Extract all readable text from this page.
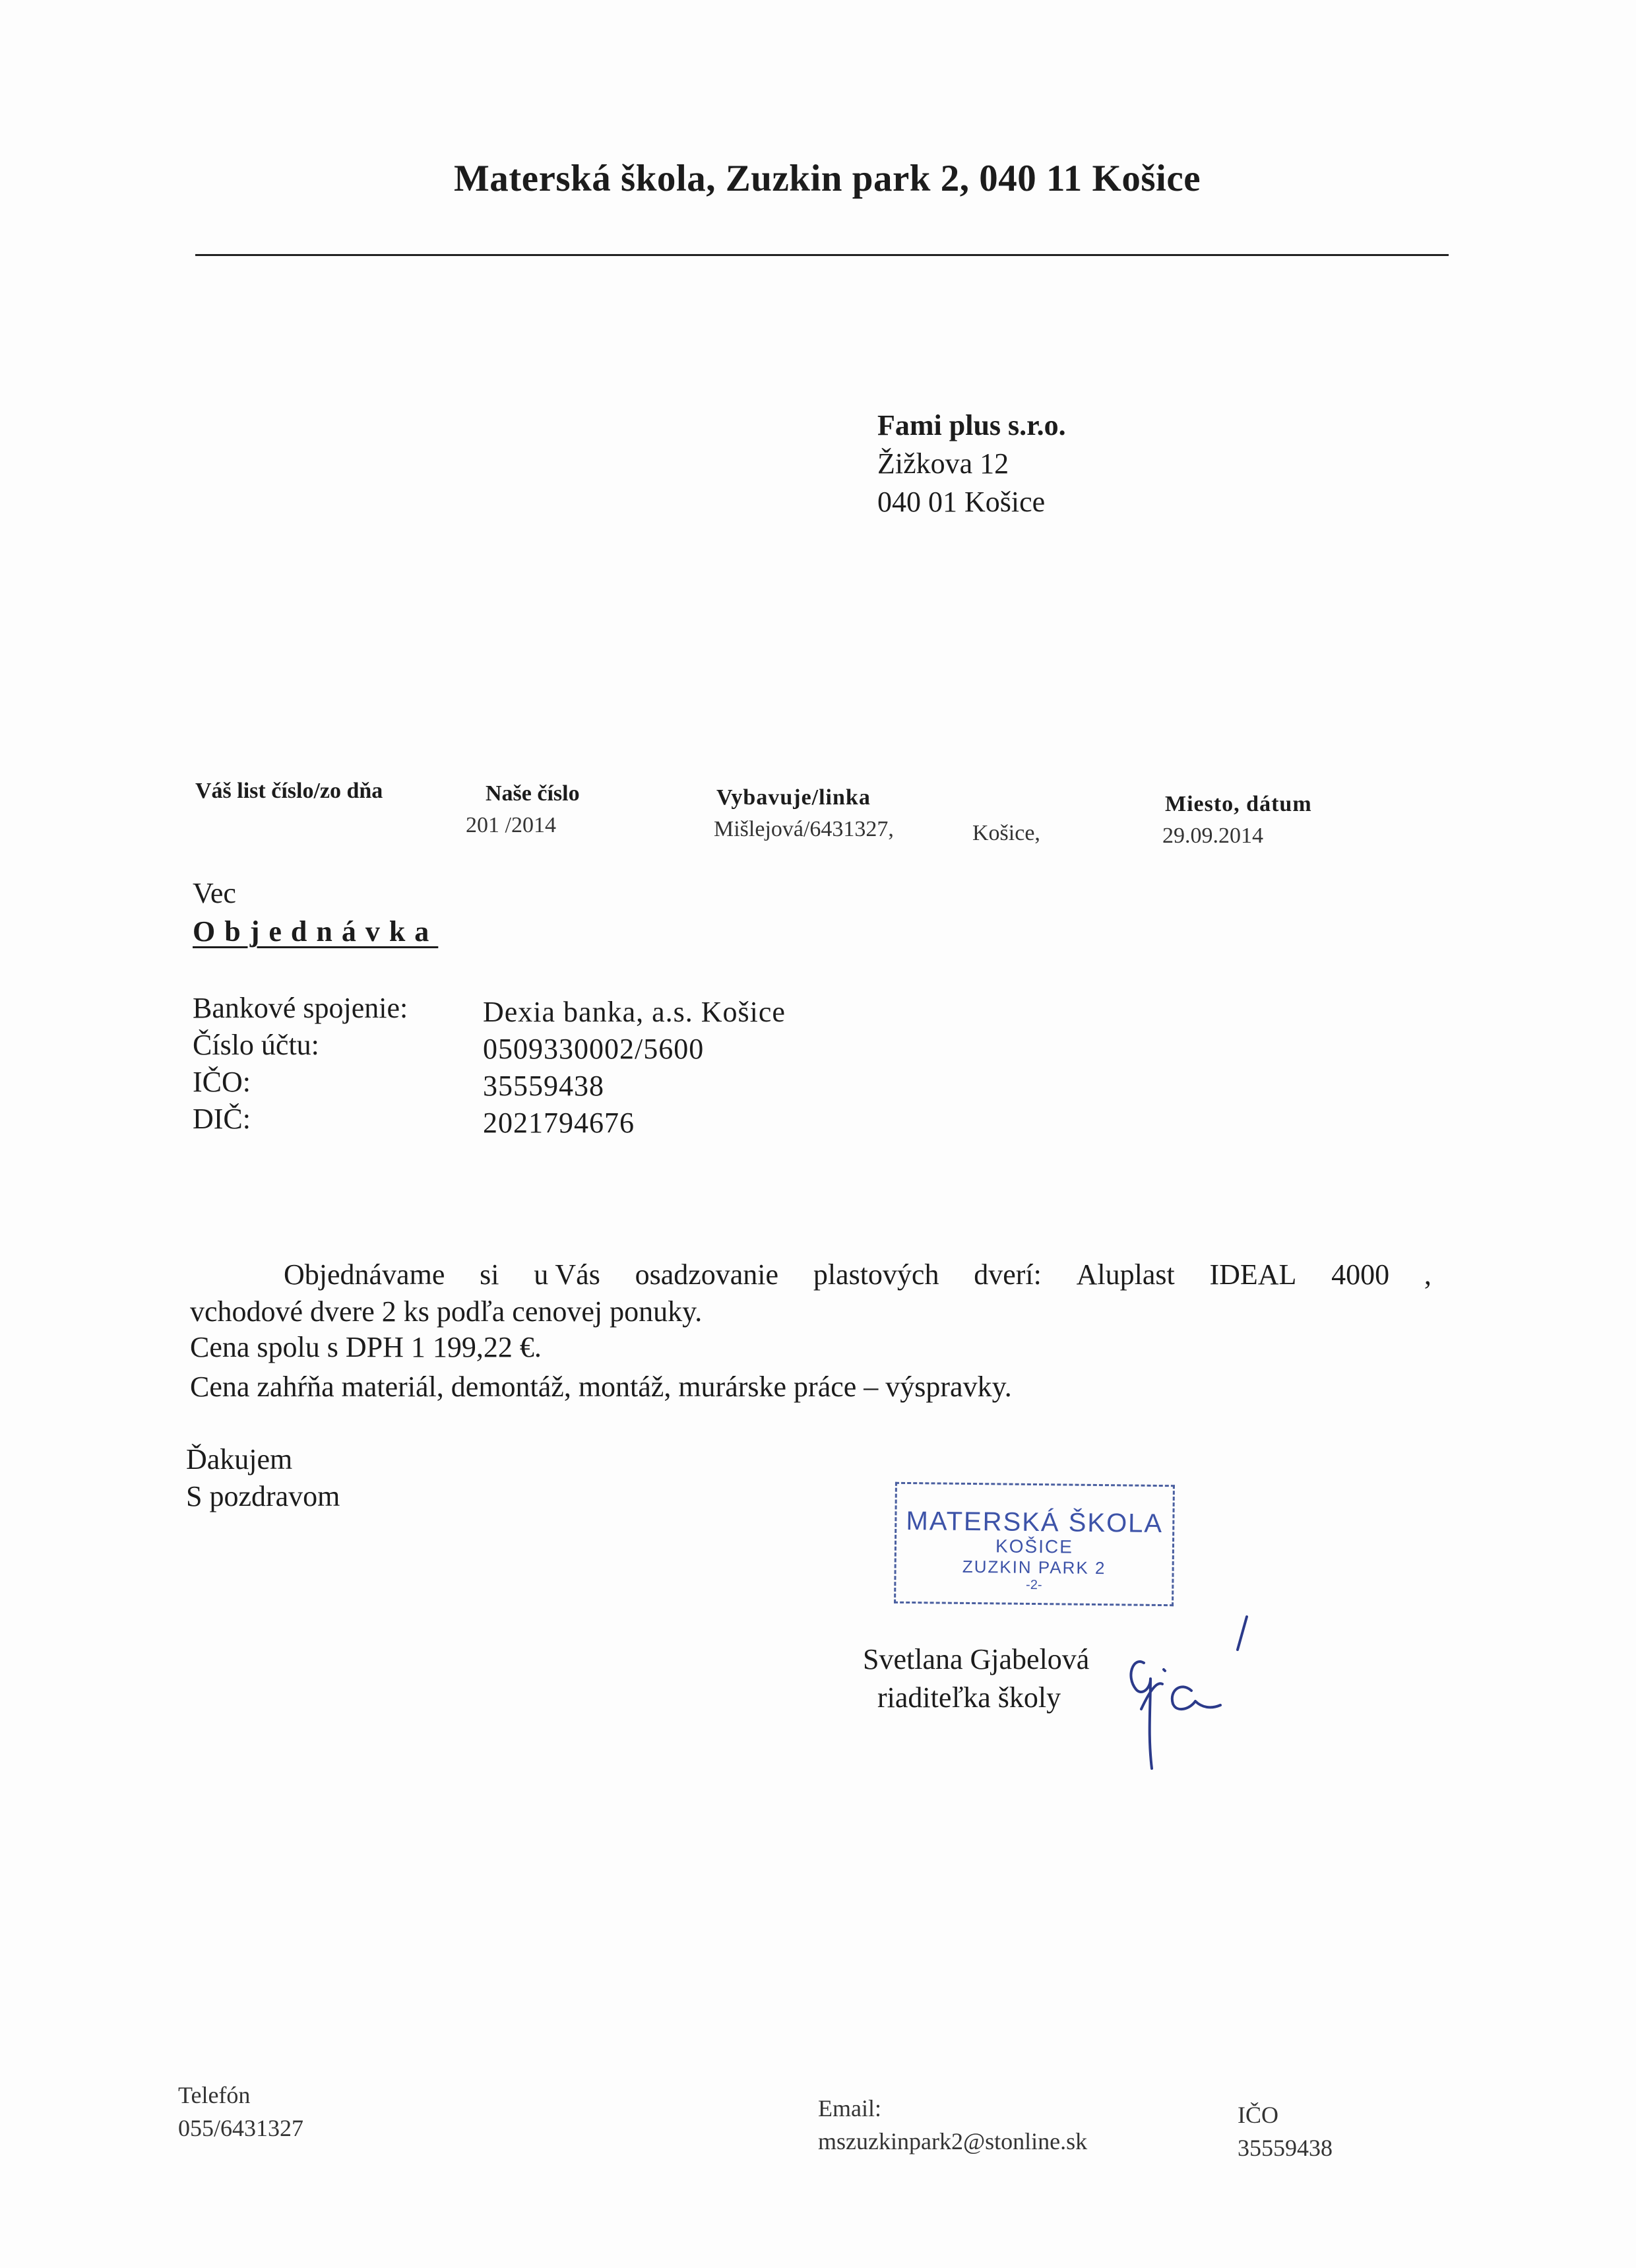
Materská škola, Zuzkin park 2, 040 11 Košice
Fami plus s.r.o.
Žižkova 12
040 01 Košice
Váš list číslo/zo dňa	Naše číslo
201 /2014
Vybavuje/linka
Mišlejová/6431327,	Košice,
Miesto, dátum
29.09.2014
Vec
Objednávka
Bankové spojenie:
Číslo účtu:
IČO:
DIČ:
Dexia banka, a.s. Košice
0509330002/5600
35559438
2021794676
Objednávame si u Vás osadzovanie plastových dverí: Aluplast IDEAL 4000 ,
vchodové dvere 2 ks podľa cenovej ponuky.
Cena spolu s DPH 1 199,22 €.
Cena zahŕňa materiál, demontáž, montáž, murárske práce – výspravky.
Ďakujem
S pozdravom
MATERSKÁ ŠKOLA
KOŠICE
ZUZKIN PARK 2
-2-
Svetlana Gjabelová
riaditeľka školy
Telefón
055/6431327
Email:
mszuzkinpark2@stonline.sk
IČO
35559438
